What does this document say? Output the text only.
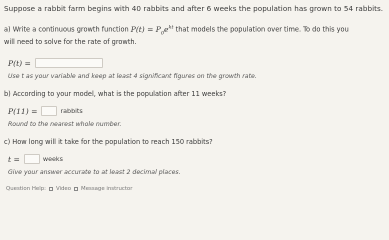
Suppose a rabbit farm begins with 40 rabbits and after 6 weeks the population has grown to 54 rabbits.
a) Write a continuous growth function $P(t) = P_0e^{kt}$ that models the population over time. To do this you
will need to solve for the rate of growth.
P(t) =
Use t as your variable and keep at least 4 significant figures on the growth rate.
b) According to your model, what is the population after 11 weeks?
P(11) =	rabbits
Round to the nearest whole number.
c) How long will it take for the population to reach 150 rabbits?
t =	weeks
Give your answer accurate to at least 2 decimal places.
Question Help: Video Message instructor
